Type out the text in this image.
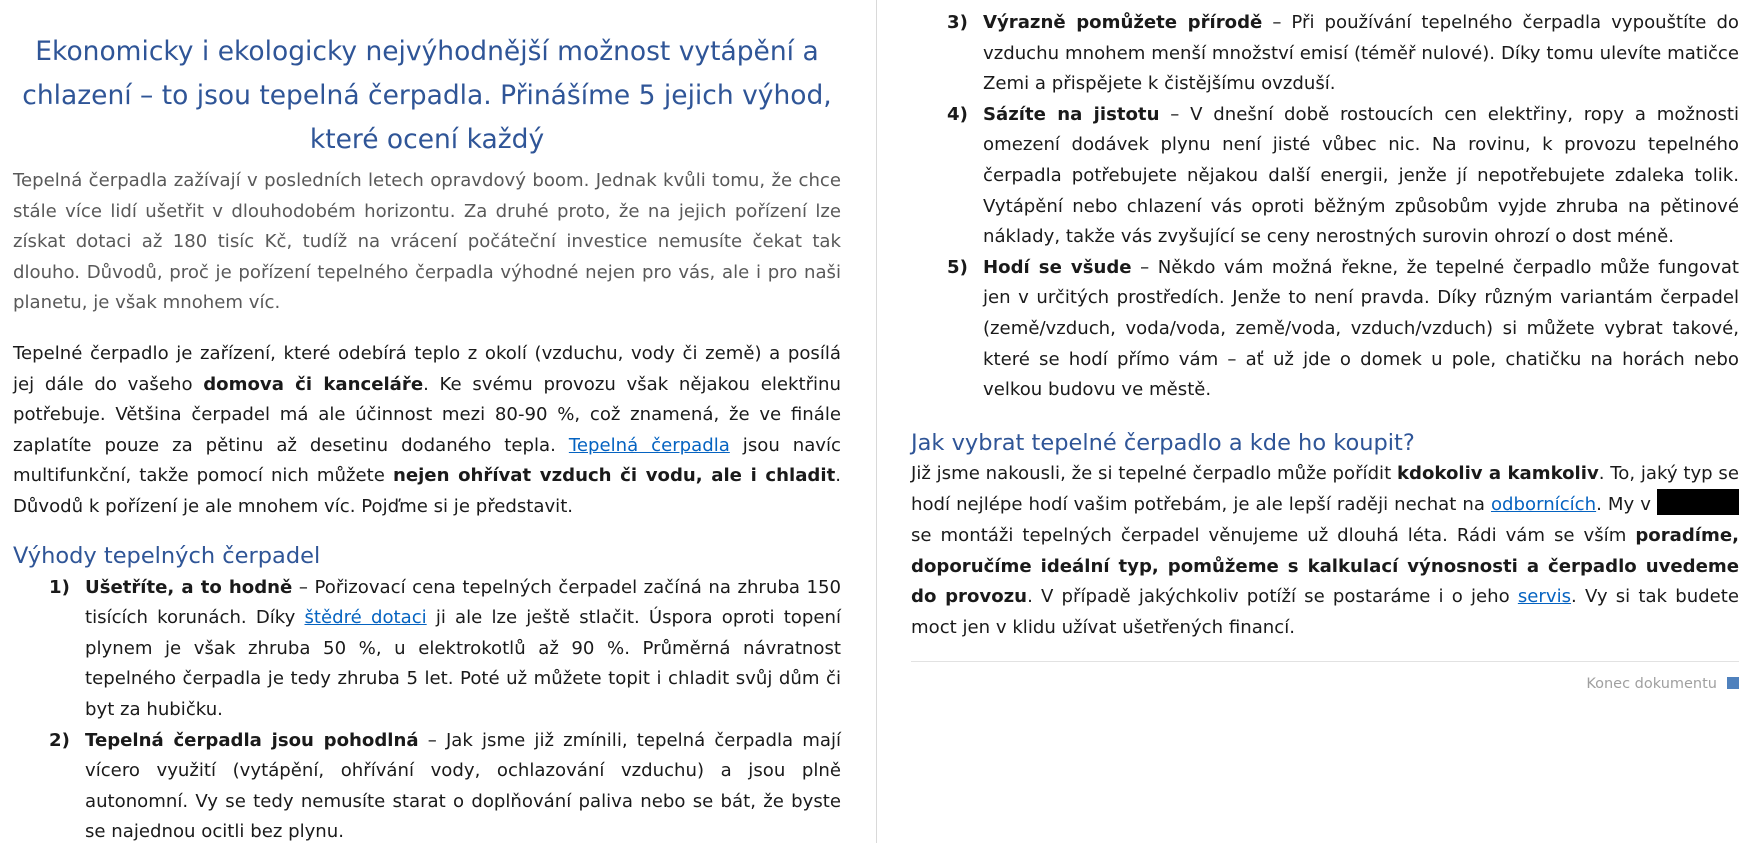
Ekonomicky i ekologicky nejvýhodnější možnost vytápění a chlazení – to jsou tepelná čerpadla. Přinášíme 5 jejich výhod, které ocení každý

Tepelná čerpadla zažívají v posledních letech opravdový boom. Jednak kvůli tomu, že chce stále více lidí ušetřit v dlouhodobém horizontu. Za druhé proto, že na jejich pořízení lze získat dotaci až 180 tisíc Kč, tudíž na vrácení počáteční investice nemusíte čekat tak dlouho. Důvodů, proč je pořízení tepelného čerpadla výhodné nejen pro vás, ale i pro naši planetu, je však mnohem víc.

Tepelné čerpadlo je zařízení, které odebírá teplo z okolí (vzduchu, vody či země) a posílá jej dále do vašeho domova či kanceláře. Ke svému provozu však nějakou elektřinu potřebuje. Většina čerpadel má ale účinnost mezi 80-90 %, což znamená, že ve finále zaplatíte pouze za pětinu až desetinu dodaného tepla. Tepelná čerpadla jsou navíc multifunkční, takže pomocí nich můžete nejen ohřívat vzduch či vodu, ale i chladit. Důvodů k pořízení je ale mnohem víc. Pojďme si je představit.

Výhody tepelných čerpadel
1) Ušetříte, a to hodně – Pořizovací cena tepelných čerpadel začíná na zhruba 150 tisících korunách. Díky štědré dotaci ji ale lze ještě stlačit. Úspora oproti topení plynem je však zhruba 50 %, u elektrokotlů až 90 %. Průměrná návratnost tepelného čerpadla je tedy zhruba 5 let. Poté už můžete topit i chladit svůj dům či byt za hubičku.
2) Tepelná čerpadla jsou pohodlná – Jak jsme již zmínili, tepelná čerpadla mají vícero využití (vytápění, ohřívání vody, ochlazování vzduchu) a jsou plně autonomní. Vy se tedy nemusíte starat o doplňování paliva nebo se bát, že byste se najednou ocitli bez plynu.
3) Výrazně pomůžete přírodě – Při používání tepelného čerpadla vypouštíte do vzduchu mnohem menší množství emisí (téměř nulové). Díky tomu ulevíte matičce Zemi a přispějete k čistějšímu ovzduší.
4) Sázíte na jistotu – V dnešní době rostoucích cen elektřiny, ropy a možnosti omezení dodávek plynu není jisté vůbec nic. Na rovinu, k provozu tepelného čerpadla potřebujete nějakou další energii, jenže jí nepotřebujete zdaleka tolik. Vytápění nebo chlazení vás oproti běžným způsobům vyjde zhruba na pětinové náklady, takže vás zvyšující se ceny nerostných surovin ohrozí o dost méně.
5) Hodí se všude – Někdo vám možná řekne, že tepelné čerpadlo může fungovat jen v určitých prostředích. Jenže to není pravda. Díky různým variantám čerpadel (země/vzduch, voda/voda, země/voda, vzduch/vzduch) si můžete vybrat takové, které se hodí přímo vám – ať už jde o domek u pole, chatičku na horách nebo velkou budovu ve městě.
Jak vybrat tepelné čerpadlo a kde ho koupit?

Již jsme nakousli, že si tepelné čerpadlo může pořídit kdokoliv a kamkoliv. To, jaký typ se hodí nejlépe hodí vašim potřebám, je ale lepší raději nechat na odbornících. My v  se montáži tepelných čerpadel věnujeme už dlouhá léta. Rádi vám se vším poradíme, doporučíme ideální typ, pomůžeme s kalkulací výnosnosti a čerpadlo uvedeme do provozu. V případě jakýchkoliv potíží se postaráme i o jeho servis. Vy si tak budete moct jen v klidu užívat ušetřených financí.

Konec dokumentu
